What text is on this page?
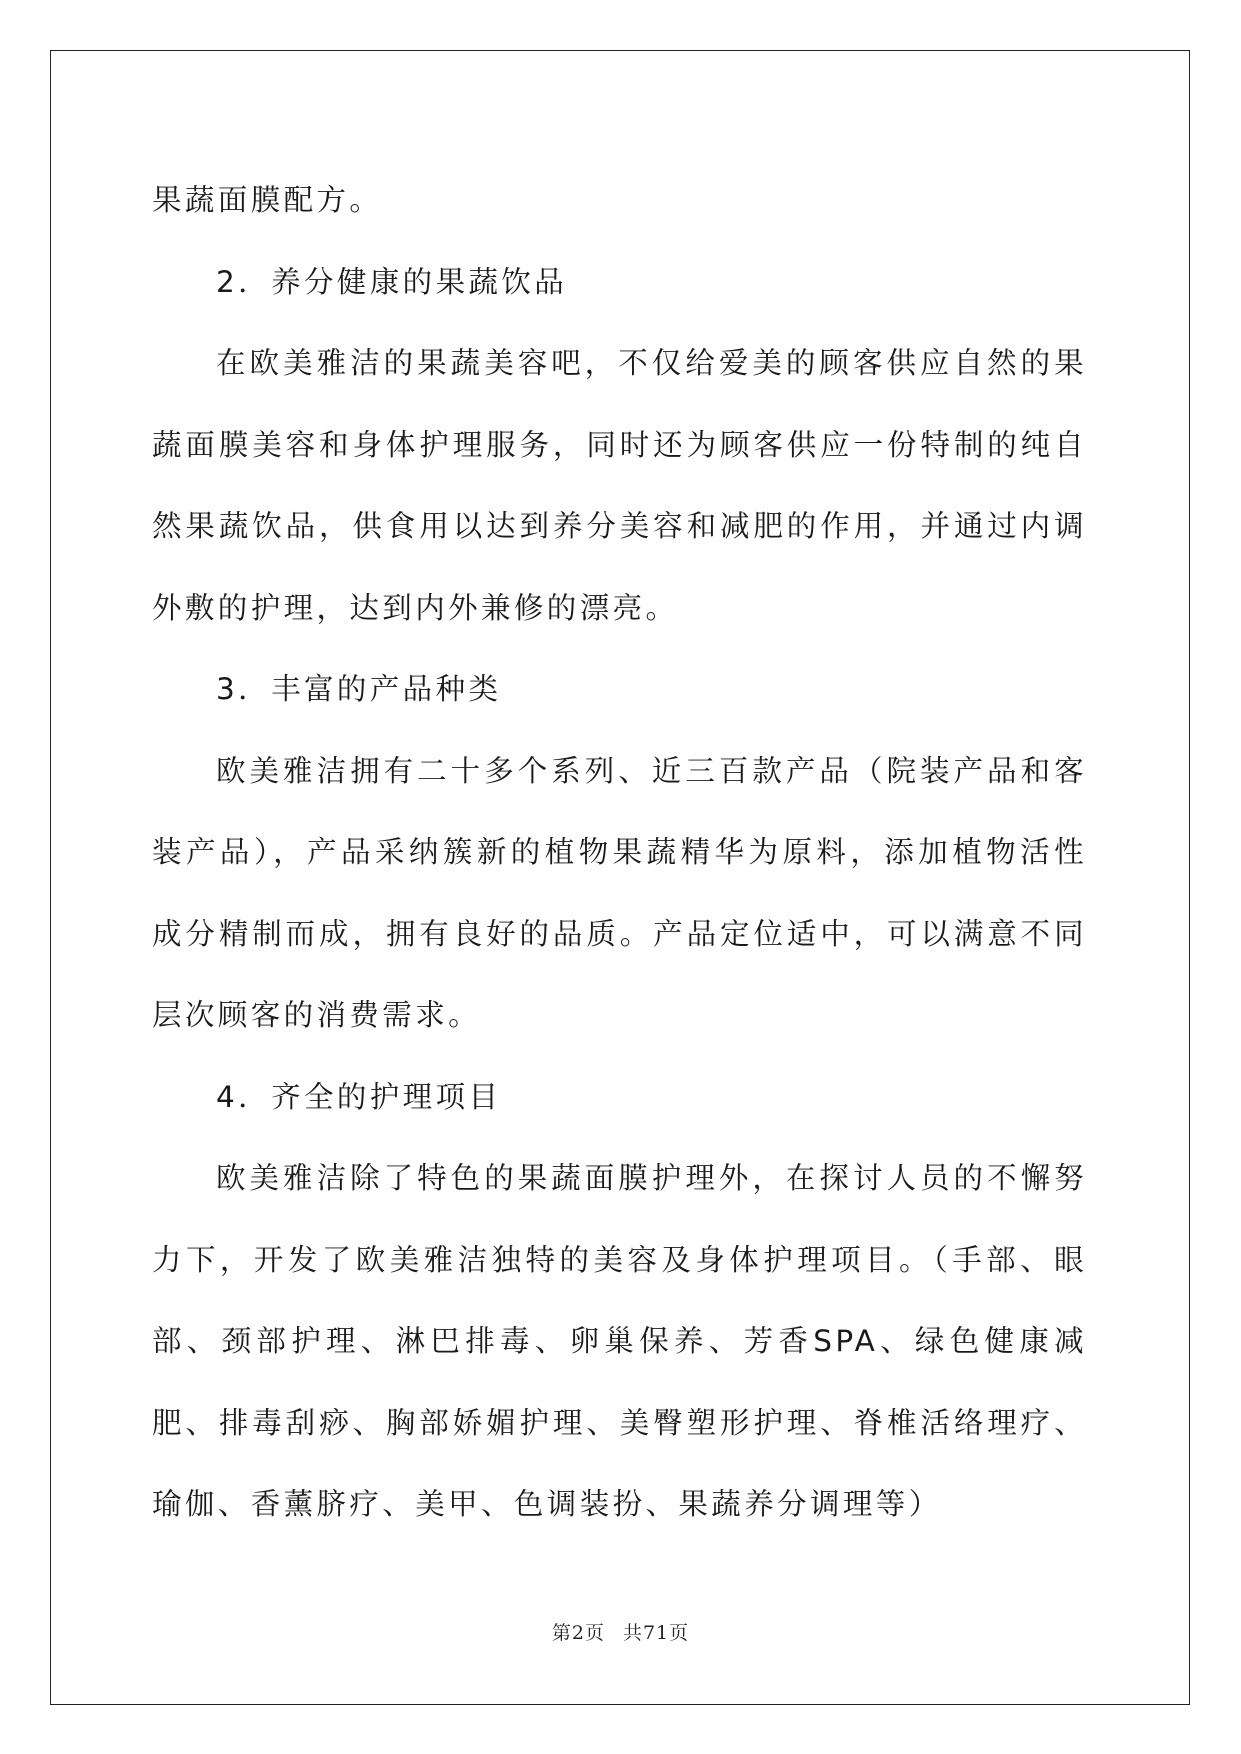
果蔬面膜配方。

2．养分健康的果蔬饮品

在欧美雅洁的果蔬美容吧，不仅给爱美的顾客供应自然的果蔬面膜美容和身体护理服务，同时还为顾客供应一份特制的纯自然果蔬饮品，供食用以达到养分美容和减肥的作用，并通过内调外敷的护理，达到内外兼修的漂亮。

3．丰富的产品种类

欧美雅洁拥有二十多个系列、近三百款产品（院装产品和客装产品），产品采纳簇新的植物果蔬精华为原料，添加植物活性成分精制而成，拥有良好的品质。产品定位适中，可以满意不同层次顾客的消费需求。

4．齐全的护理项目

欧美雅洁除了特色的果蔬面膜护理外，在探讨人员的不懈努力下，开发了欧美雅洁独特的美容及身体护理项目。（手部、眼部、颈部护理、淋巴排毒、卵巢保养、芳香SPA、绿色健康减肥、排毒刮痧、胸部娇媚护理、美臀塑形护理、脊椎活络理疗、瑜伽、香薰脐疗、美甲、色调装扮、果蔬养分调理等）

第2页 共71页
